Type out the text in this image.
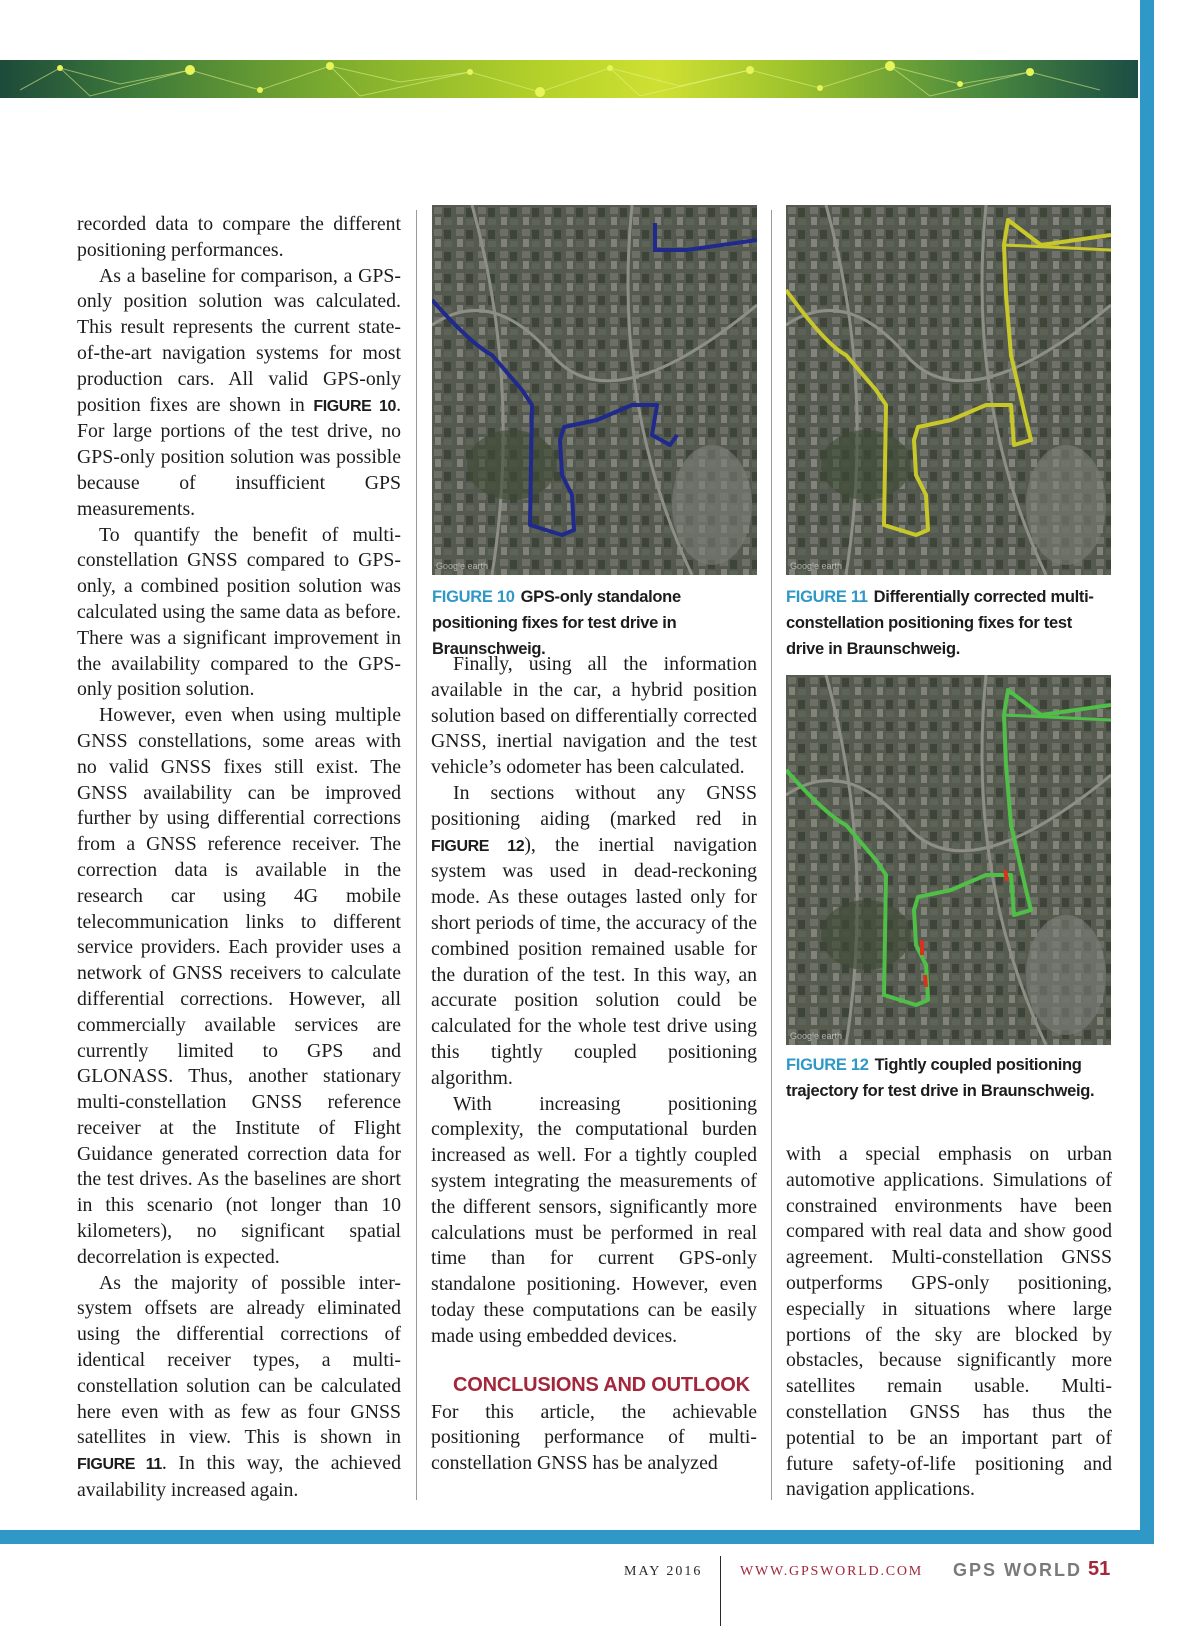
recorded data to compare the different positioning performances.

As a baseline for comparison, a GPS-only position solution was calculated. This result represents the current state-of-the-art navigation systems for most production cars. All valid GPS-only position fixes are shown in FIGURE 10. For large portions of the test drive, no GPS-only position solution was possible because of insufficient GPS measurements.

To quantify the benefit of multi-constellation GNSS compared to GPS-only, a combined position solution was calculated using the same data as before. There was a significant improvement in the availability compared to the GPS-only position solution.

However, even when using multiple GNSS constellations, some areas with no valid GNSS fixes still exist. The GNSS availability can be improved further by using differential corrections from a GNSS reference receiver. The correction data is available in the research car using 4G mobile telecommunication links to different service providers. Each provider uses a network of GNSS receivers to calculate differential corrections. However, all commercially available services are currently limited to GPS and GLONASS. Thus, another stationary multi-constellation GNSS reference receiver at the Institute of Flight Guidance generated correction data for the test drives. As the baselines are short in this scenario (not longer than 10 kilometers), no significant spatial decorrelation is expected.

As the majority of possible inter-system offsets are already eliminated using the differential corrections of identical receiver types, a multi-constellation solution can be calculated here even with as few as four GNSS satellites in view. This is shown in FIGURE 11. In this way, the achieved availability increased again.

Google earth
FIGURE 10 GPS-only standalone positioning fixes for test drive in Braunschweig.
Google earth
FIGURE 11 Differentially corrected multi-constellation positioning fixes for test drive in Braunschweig.
Google earth
FIGURE 12 Tightly coupled positioning trajectory for test drive in Braunschweig.

Finally, using all the information available in the car, a hybrid position solution based on differentially corrected GNSS, inertial navigation and the test vehicle’s odometer has been calculated.

In sections without any GNSS positioning aiding (marked red in FIGURE 12), the inertial navigation system was used in dead-reckoning mode. As these outages lasted only for short periods of time, the accuracy of the combined position remained usable for the duration of the test. In this way, an accurate position solution could be calculated for the whole test drive using this tightly coupled positioning algorithm.

With increasing positioning complexity, the computational burden increased as well. For a tightly coupled system integrating the measurements of the different sensors, significantly more calculations must be performed in real time than for current GPS-only standalone positioning. However, even today these computations can be easily made using embedded devices.

CONCLUSIONS AND OUTLOOK

For this article, the achievable positioning performance of multi-constellation GNSS has be analyzed

with a special emphasis on urban automotive applications. Simulations of constrained environments have been compared with real data and show good agreement. Multi-constellation GNSS outperforms GPS-only positioning, especially in situations where large portions of the sky are blocked by obstacles, because significantly more satellites remain usable. Multi-constellation GNSS has thus the potential to be an important part of future safety-of-life positioning and navigation applications.

MAY 2016	WWW.GPSWORLD.COM GPS WORLD 51
